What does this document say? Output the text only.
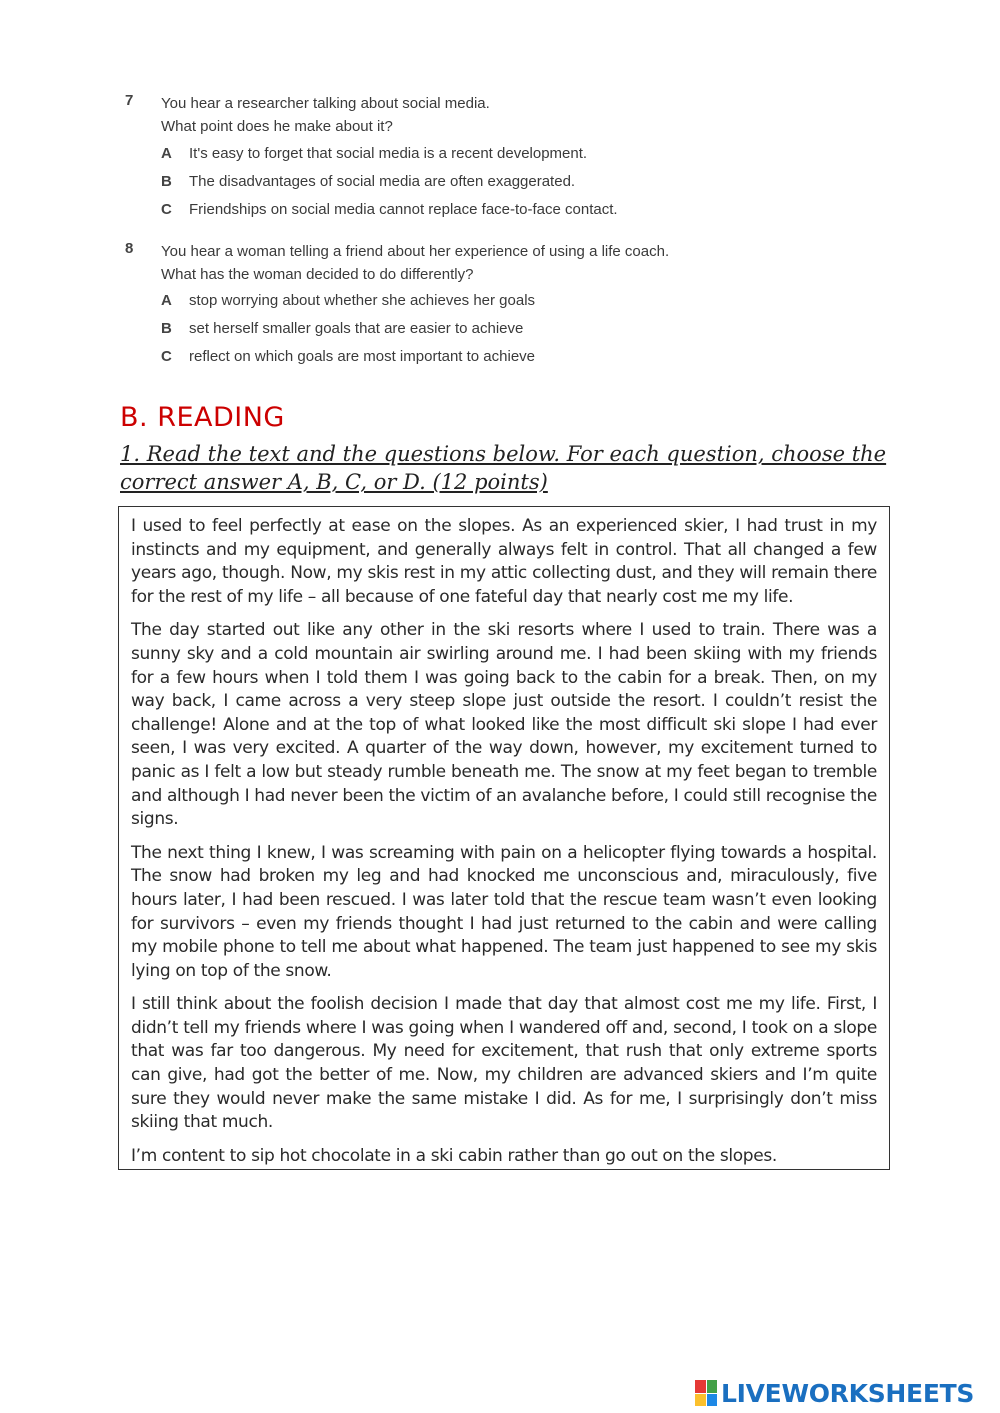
7 You hear a researcher talking about social media.
What point does he make about it?
A It's easy to forget that social media is a recent development.
B The disadvantages of social media are often exaggerated.
C Friendships on social media cannot replace face-to-face contact.
8 You hear a woman telling a friend about her experience of using a life coach.
What has the woman decided to do differently?
A stop worrying about whether she achieves her goals
B set herself smaller goals that are easier to achieve
C reflect on which goals are most important to achieve
B. READING
1. Read the text and the questions below. For each question, choose the correct answer A, B, C, or D. (12 points)

I used to feel perfectly at ease on the slopes. As an experienced skier, I had trust in my instincts and my equipment, and generally always felt in control. That all changed a few years ago, though. Now, my skis rest in my attic collecting dust, and they will remain there for the rest of my life – all because of one fateful day that nearly cost me my life.

The day started out like any other in the ski resorts where I used to train. There was a sunny sky and a cold mountain air swirling around me. I had been skiing with my friends for a few hours when I told them I was going back to the cabin for a break. Then, on my way back, I came across a very steep slope just outside the resort. I couldn’t resist the challenge! Alone and at the top of what looked like the most difficult ski slope I had ever seen, I was very excited. A quarter of the way down, however, my excitement turned to panic as I felt a low but steady rumble beneath me. The snow at my feet began to tremble and although I had never been the victim of an avalanche before, I could still recognise the signs.

The next thing I knew, I was screaming with pain on a helicopter flying towards a hospital. The snow had broken my leg and had knocked me unconscious and, miraculously, five hours later, I had been rescued. I was later told that the rescue team wasn’t even looking for survivors – even my friends thought I had just returned to the cabin and were calling my mobile phone to tell me about what happened. The team just happened to see my skis lying on top of the snow.

I still think about the foolish decision I made that day that almost cost me my life. First, I didn’t tell my friends where I was going when I wandered off and, second, I took on a slope that was far too dangerous. My need for excitement, that rush that only extreme sports can give, had got the better of me. Now, my children are advanced skiers and I’m quite sure they would never make the same mistake I did. As for me, I surprisingly don’t miss skiing that much.

I’m content to sip hot chocolate in a ski cabin rather than go out on the slopes.

LIVEWORKSHEETS
